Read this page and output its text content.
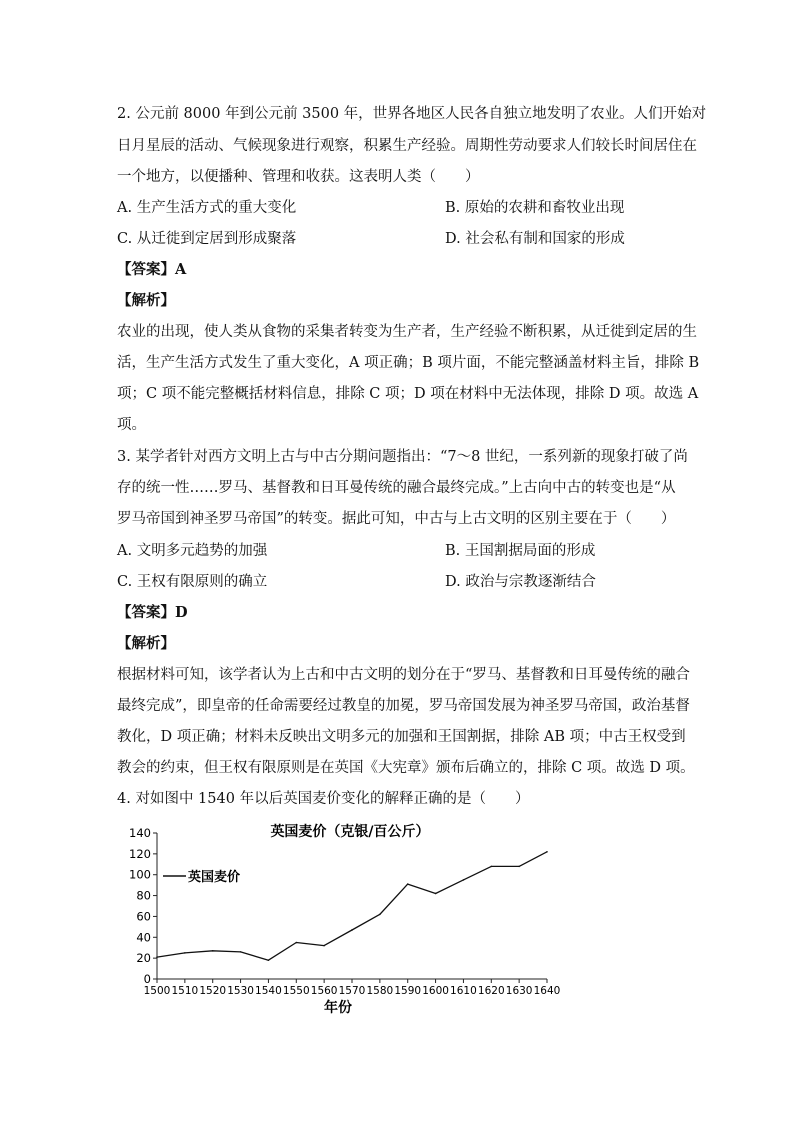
2. 公元前 8000 年到公元前 3500 年，世界各地区人民各自独立地发明了农业。人们开始对
日月星辰的活动、气候现象进行观察，积累生产经验。周期性劳动要求人们较长时间居住在
一个地方，以便播种、管理和收获。这表明人类（　　）
A. 生产生活方式的重大变化	B. 原始的农耕和畜牧业出现
C. 从迁徙到定居到形成聚落	D. 社会私有制和国家的形成
【答案】A
【解析】
农业的出现，使人类从食物的采集者转变为生产者，生产经验不断积累，从迁徙到定居的生
活，生产生活方式发生了重大变化，A 项正确；B 项片面，不能完整涵盖材料主旨，排除 B
项；C 项不能完整概括材料信息，排除 C 项；D 项在材料中无法体现，排除 D 项。故选 A
项。
3. 某学者针对西方文明上古与中古分期问题指出：“7～8 世纪，一系列新的现象打破了尚
存的统一性……罗马、基督教和日耳曼传统的融合最终完成。”上古向中古的转变也是“从
罗马帝国到神圣罗马帝国”的转变。据此可知，中古与上古文明的区别主要在于（　　）
A. 文明多元趋势的加强	B. 王国割据局面的形成
C. 王权有限原则的确立	D. 政治与宗教逐渐结合
【答案】D
【解析】
根据材料可知，该学者认为上古和中古文明的划分在于“罗马、基督教和日耳曼传统的融合
最终完成”，即皇帝的任命需要经过教皇的加冕，罗马帝国发展为神圣罗马帝国，政治基督
教化，D 项正确；材料未反映出文明多元的加强和王国割据，排除 AB 项；中古王权受到
教会的约束，但王权有限原则是在英国《大宪章》颁布后确立的，排除 C 项。故选 D 项。
4. 对如图中 1540 年以后英国麦价变化的解释正确的是（　　）
英国麦价（克银/百公斤）
0
20
40
60
80
100
120
140
1500 1510 1520 1530 1540 1550 1560 1570 1580 1590 1600 1610 1620 1630 1640
英国麦价
年份
